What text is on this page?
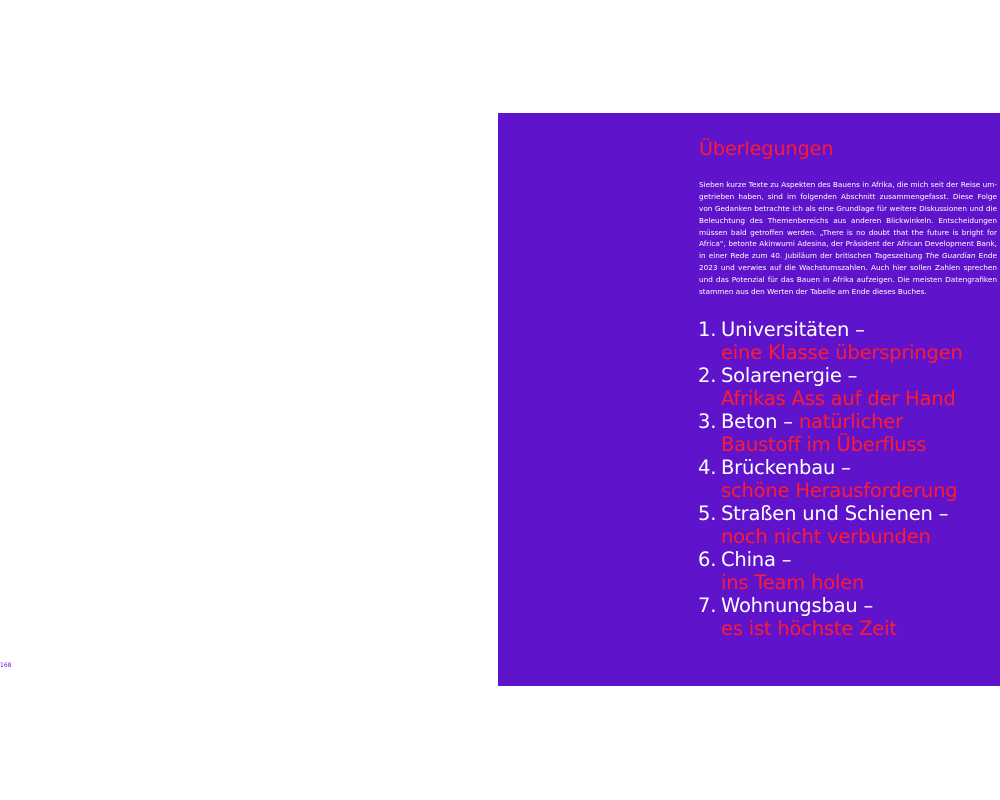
168
Überlegungen
Sieben kurze Texte zu Aspekten des Bauens in Afrika, die mich seit der Reise um-
getrieben haben, sind im folgenden Abschnitt zusammengefasst. Diese Folge
von Gedanken betrachte ich als eine Grundlage für weitere Diskussionen und die
Beleuchtung des Themenbereichs aus anderen Blickwinkeln. Entscheidungen
müssen bald getroffen werden. „There is no doubt that the future is bright for
Africa“, betonte Akinwumi Adesina, der Präsident der African Development Bank,
in einer Rede zum 40. Jubiläum der britischen Tageszeitung The Guardian Ende
2023 und verwies auf die Wachstumszahlen. Auch hier sollen Zahlen sprechen
und das Potenzial für das Bauen in Afrika aufzeigen. Die meisten Datengrafiken
stammen aus den Werten der Tabelle am Ende dieses Buches.
1. Universitäten –
eine Klasse überspringen
2. Solarenergie –
Afrikas Ass auf der Hand
3. Beton – natürlicher
Baustoff im Überfluss
4. Brückenbau –
schöne Herausforderung
5. Straßen und Schienen –
noch nicht verbunden
6. China –
ins Team holen
7. Wohnungsbau –
es ist höchste Zeit
